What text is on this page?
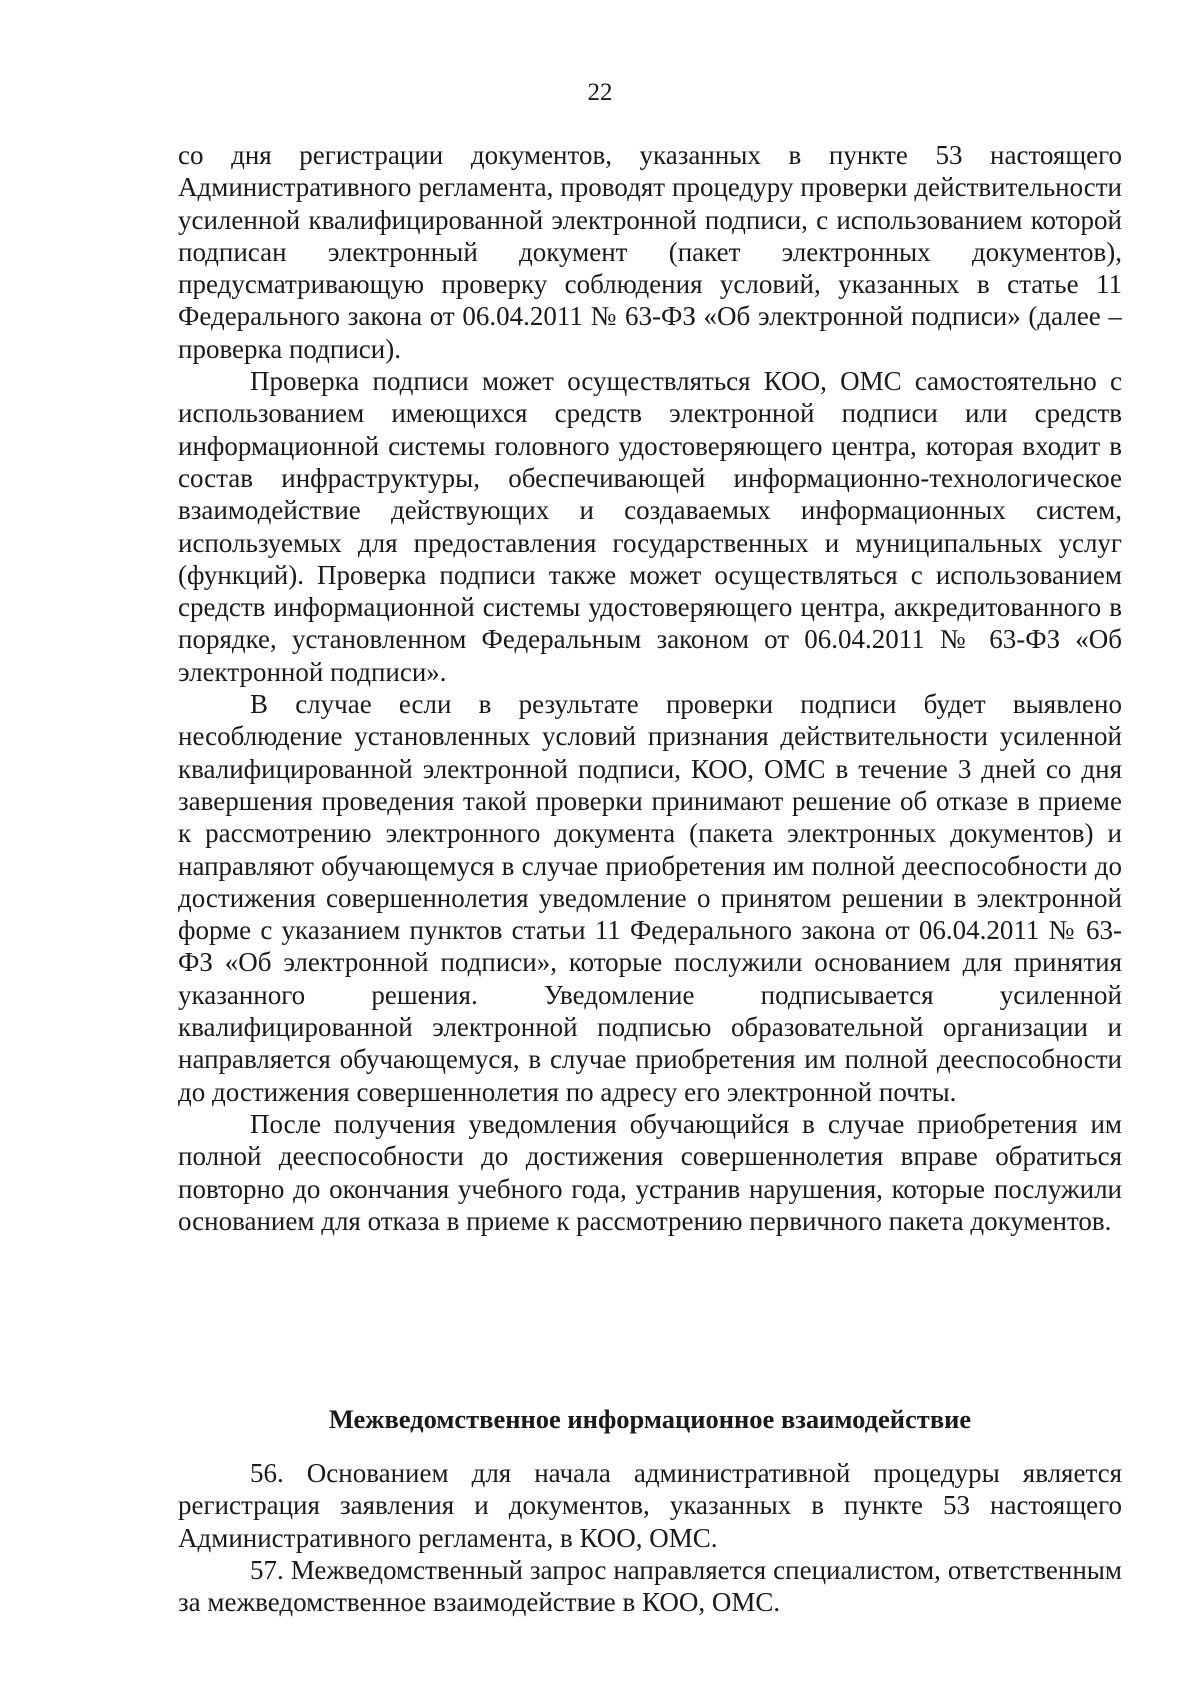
22

со дня регистрации документов, указанных в пункте 53 настоящего Административного регламента, проводят процедуру проверки действительности усиленной квалифицированной электронной подписи, с использованием которой подписан электронный документ (пакет электронных документов), предусматривающую проверку соблюдения условий, указанных в статье 11 Федерального закона от 06.04.2011 № 63-ФЗ «Об электронной подписи» (далее – проверка подписи).

Проверка подписи может осуществляться КОО, ОМС самостоятельно с использованием имеющихся средств электронной подписи или средств информационной системы головного удостоверяющего центра, которая входит в состав инфраструктуры, обеспечивающей информационно-технологическое взаимодействие действующих и создаваемых информационных систем, используемых для предоставления государственных и муниципальных услуг (функций). Проверка подписи также может осуществляться с использованием средств информационной системы удостоверяющего центра, аккредитованного в порядке, установленном Федеральным законом от 06.04.2011 № 63-ФЗ «Об электронной подписи».

В случае если в результате проверки подписи будет выявлено несоблюдение установленных условий признания действительности усиленной квалифицированной электронной подписи, КОО, ОМС в течение 3 дней со дня завершения проведения такой проверки принимают решение об отказе в приеме к рассмотрению электронного документа (пакета электронных документов) и направляют обучающемуся в случае приобретения им полной дееспособности до достижения совершеннолетия уведомление о принятом решении в электронной форме с указанием пунктов статьи 11 Федерального закона от 06.04.2011 № 63-ФЗ «Об электронной подписи», которые послужили основанием для принятия указанного решения. Уведомление подписывается усиленной квалифицированной электронной подписью образовательной организации и направляется обучающемуся, в случае приобретения им полной дееспособности до достижения совершеннолетия по адресу его электронной почты.

После получения уведомления обучающийся в случае приобретения им полной дееспособности до достижения совершеннолетия вправе обратиться повторно до окончания учебного года, устранив нарушения, которые послужили основанием для отказа в приеме к рассмотрению первичного пакета документов.

Межведомственное информационное взаимодействие

56. Основанием для начала административной процедуры является регистрация заявления и документов, указанных в пункте 53 настоящего Административного регламента, в КОО, ОМС.

57. Межведомственный запрос направляется специалистом, ответственным за межведомственное взаимодействие в КОО, ОМС.
